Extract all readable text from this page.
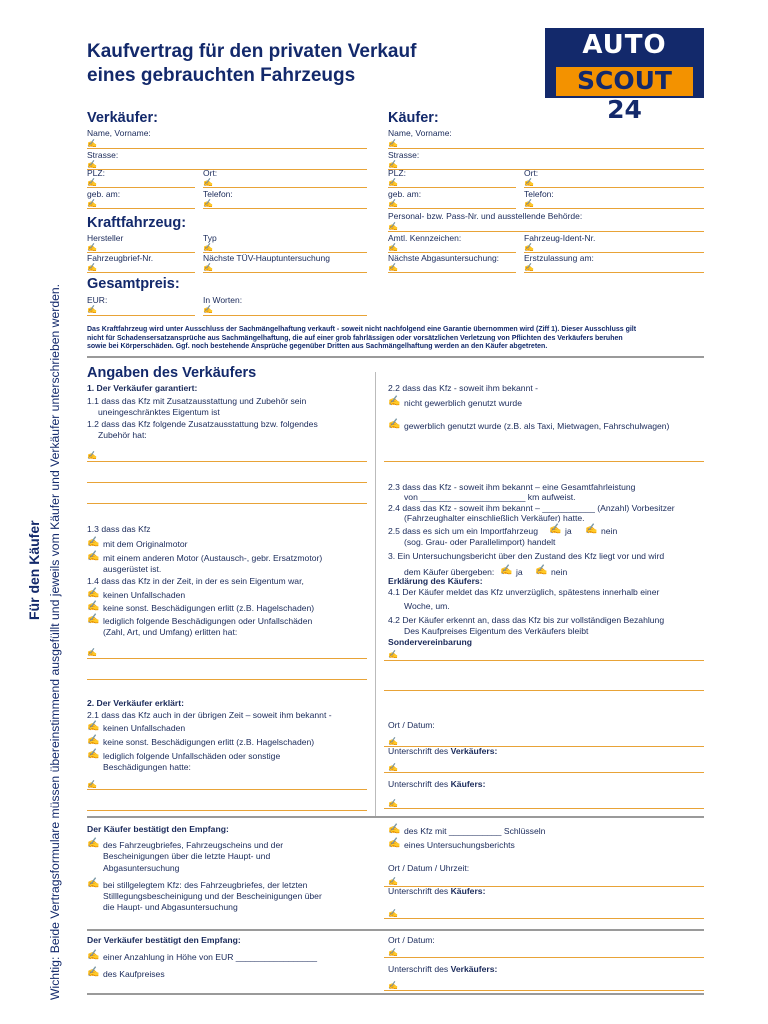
Kaufvertrag für den privaten Verkauf
eines gebrauchten Fahrzeugs
AUTO
SCOUT 24
Wichtig: Beide Vertragsformulare müssen übereinstimmend ausgefüllt und jeweils vom Käufer und Verkäufer unterschrieben werden.
Für den Käufer
Verkäufer:
Name, Vorname:
✍
Strasse:
✍
PLZ:	Ort:
✍	✍
geb. am:	Telefon:
✍	✍
Kraftfahrzeug:
Hersteller	Typ
✍	✍
Fahrzeugbrief-Nr.	Nächste TÜV-Hauptuntersuchung
✍	✍
Gesamtpreis:
EUR:	In Worten:
✍	✍
Käufer:
Name, Vorname:
✍
Strasse:
✍
PLZ:	Ort:
✍	✍
geb. am:	Telefon:
✍	✍
Personal- bzw. Pass-Nr. und ausstellende Behörde:
✍
Amtl. Kennzeichen:	Fahrzeug-Ident-Nr.
✍	✍
Nächste Abgasuntersuchung:	Erstzulassung am:
✍	✍
Das Kraftfahrzeug wird unter Ausschluss der Sachmängelhaftung verkauft - soweit nicht nachfolgend eine Garantie übernommen wird (Ziff 1). Dieser Ausschluss gilt
nicht für Schadensersatzansprüche aus Sachmängelhaftung, die auf einer grob fahrlässigen oder vorsätzlichen Verletzung von Pflichten des Verkäufers beruhen
sowie bei Körperschäden. Ggf. noch bestehende Ansprüche gegenüber Dritten aus Sachmängelhaftung werden an den Käufer abgetreten.
Angaben des Verkäufers
1. Der Verkäufer garantiert:
1.1 dass das Kfz mit Zusatzausstattung und Zubehör sein
uneingeschränktes Eigentum ist
1.2 dass das Kfz folgende Zusatzausstattung bzw. folgendes
Zubehör hat:
✍
1.3 dass das Kfz
✍ mit dem Originalmotor
✍ mit einem anderen Motor (Austausch-, gebr. Ersatzmotor)
ausgerüstet ist.
1.4 dass das Kfz in der Zeit, in der es sein Eigentum war,
✍ keinen Unfallschaden
✍ keine sonst. Beschädigungen erlitt (z.B. Hagelschaden)
✍ lediglich folgende Beschädigungen oder Unfallschäden
(Zahl, Art, und Umfang) erlitten hat:
✍
2. Der Verkäufer erklärt:
2.1 dass das Kfz auch in der übrigen Zeit – soweit ihm bekannt -
✍ keinen Unfallschaden
✍ keine sonst. Beschädigungen erlitt (z.B. Hagelschaden)
✍ lediglich folgende Unfallschäden oder sonstige
Beschädigungen hatte:
✍
2.2 dass das Kfz - soweit ihm bekannt -
✍ nicht gewerblich genutzt wurde
✍ gewerblich genutzt wurde (z.B. als Taxi, Mietwagen, Fahrschulwagen)
2.3 dass das Kfz - soweit ihm bekannt – eine Gesamtfahrleistung
von ______________________ km aufweist.
2.4 dass das Kfz - soweit ihm bekannt – ___________ (Anzahl) Vorbesitzer
(Fahrzeughalter einschließlich Verkäufer) hatte.
2.5 dass es sich um ein Importfahrzeug ✍ ja ✍ nein
(sog. Grau- oder Parallelimport) handelt
3. Ein Untersuchungsbericht über den Zustand des Kfz liegt vor und wird
dem Käufer übergeben: ✍ ja ✍ nein
Erklärung des Käufers:
4.1 Der Käufer meldet das Kfz unverzüglich, spätestens innerhalb einer
Woche, um.
4.2 Der Käufer erkennt an, dass das Kfz bis zur vollständigen Bezahlung
Des Kaufpreises Eigentum des Verkäufers bleibt
Sondervereinbarung
✍
Ort / Datum:
✍
Unterschrift des Verkäufers:
✍
Unterschrift des Käufers:
✍
Der Käufer bestätigt den Empfang:
✍ des Fahrzeugbriefes, Fahrzeugscheins und der
Bescheinigungen über die letzte Haupt- und
Abgasuntersuchung
✍ bei stillgelegtem Kfz: des Fahrzeugbriefes, der letzten
Stilllegungsbescheinigung und der Bescheinigungen über
die Haupt- und Abgasuntersuchung
✍ des Kfz mit ___________ Schlüsseln
✍ eines Untersuchungsberichts
Ort / Datum / Uhrzeit:
✍
Unterschrift des Käufers:
✍
Der Verkäufer bestätigt den Empfang:
✍ einer Anzahlung in Höhe von EUR _________________
✍ des Kaufpreises
Ort / Datum:
✍
Unterschrift des Verkäufers:
✍
